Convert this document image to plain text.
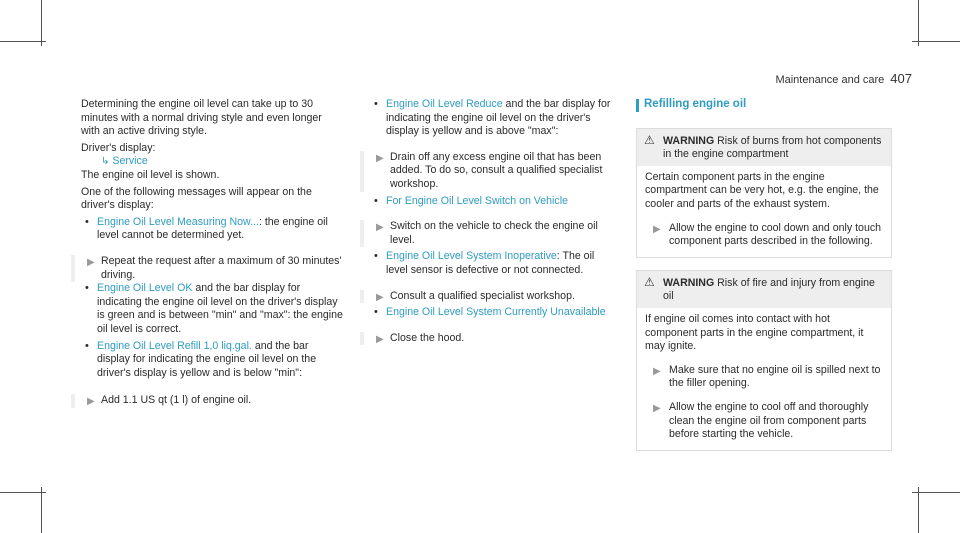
Maintenance and care 407

Determining the engine oil level can take up to 30 minutes with a normal driving style and even longer with an active driving style.

Driver's display:

↳ Service

The engine oil level is shown.

One of the following messages will appear on the driver's display:

• Engine Oil Level Measuring Now...: the engine oil level cannot be determined yet.

▶ Repeat the request after a maximum of 30 minutes' driving.

• Engine Oil Level OK and the bar display for indicating the engine oil level on the driver's display is green and is between "min" and "max": the engine oil level is correct.

• Engine Oil Level Refill 1,0 liq.gal. and the bar display for indicating the engine oil level on the driver's display is yellow and is below "min":

▶ Add 1.1 US qt (1 l) of engine oil.

• Engine Oil Level Reduce and the bar display for indicating the engine oil level on the driver's display is yellow and is above "max":

▶ Drain off any excess engine oil that has been added. To do so, consult a qualified specialist workshop.

• For Engine Oil Level Switch on Vehicle

▶ Switch on the vehicle to check the engine oil level.

• Engine Oil Level System Inoperative: The oil level sensor is defective or not connected.

▶ Consult a qualified specialist workshop.

• Engine Oil Level System Currently Unavailable

▶ Close the hood.

Refilling engine oil

⚠ WARNING Risk of burns from hot components in the engine compartment

Certain component parts in the engine compartment can be very hot, e.g. the engine, the cooler and parts of the exhaust system.

▶ Allow the engine to cool down and only touch component parts described in the following.

⚠ WARNING Risk of fire and injury from engine oil

If engine oil comes into contact with hot component parts in the engine compartment, it may ignite.

▶ Make sure that no engine oil is spilled next to the filler opening.

▶ Allow the engine to cool off and thoroughly clean the engine oil from component parts before starting the vehicle.
